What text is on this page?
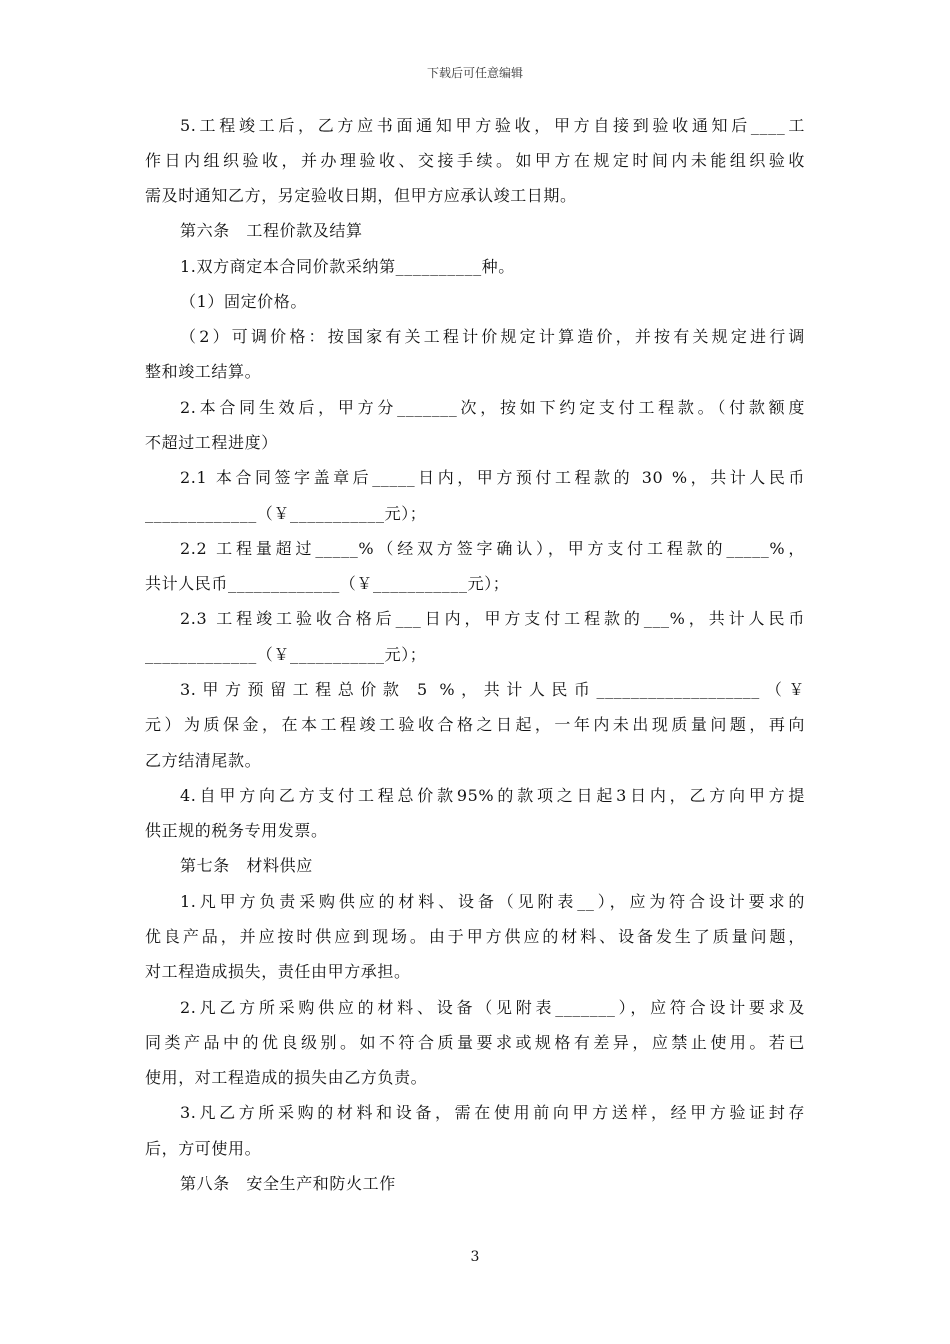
下载后可任意编辑
5.工程竣工后，乙方应书面通知甲方验收，甲方自接到验收通知后____工
作日内组织验收，并办理验收、交接手续。如甲方在规定时间内未能组织验收
需及时通知乙方，另定验收日期，但甲方应承认竣工日期。
第六条　工程价款及结算
1.双方商定本合同价款采纳第__________种。
（1）固定价格。
（2）可调价格：按国家有关工程计价规定计算造价，并按有关规定进行调
整和竣工结算。
2.本合同生效后，甲方分_______次，按如下约定支付工程款。（付款额度
不超过工程进度）
2.1 本合同签字盖章后_____日内，甲方预付工程款的 30 %，共计人民币
_____________（￥___________元）；
2.2 工程量超过_____%（经双方签字确认），甲方支付工程款的_____%，
共计人民币_____________（￥___________元）；
2.3 工程竣工验收合格后___日内，甲方支付工程款的___%，共计人民币
_____________（￥___________元）；
3.甲方预留工程总价款 5 %，共计人民币___________________（￥
元）为质保金，在本工程竣工验收合格之日起，一年内未出现质量问题，再向
乙方结清尾款。
4.自甲方向乙方支付工程总价款95%的款项之日起3日内，乙方向甲方提
供正规的税务专用发票。
第七条　材料供应
1.凡甲方负责采购供应的材料、设备（见附表__），应为符合设计要求的
优良产品，并应按时供应到现场。由于甲方供应的材料、设备发生了质量问题，
对工程造成损失，责任由甲方承担。
2.凡乙方所采购供应的材料、设备（见附表_______），应符合设计要求及
同类产品中的优良级别。如不符合质量要求或规格有差异，应禁止使用。若已
使用，对工程造成的损失由乙方负责。
3.凡乙方所采购的材料和设备，需在使用前向甲方送样，经甲方验证封存
后，方可使用。
第八条　安全生产和防火工作
3
